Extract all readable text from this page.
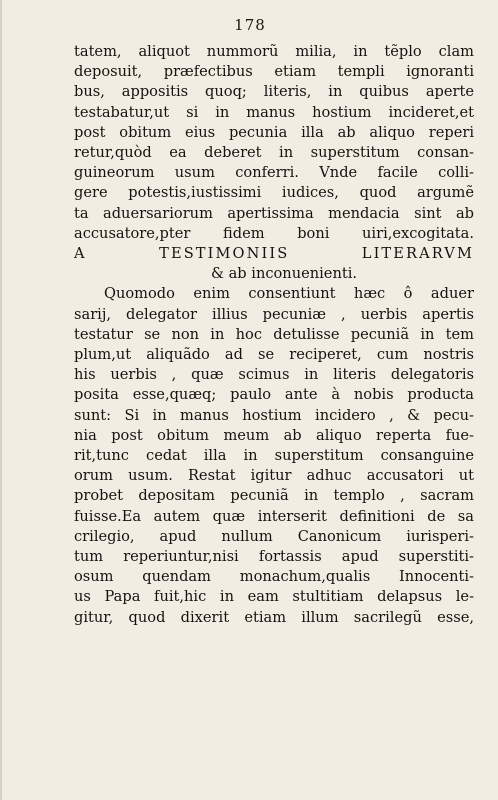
178
tatem, aliquot nummorũ milia, in tẽplo clam
deposuit, præfectibus etiam templi ignoranti
bus, appositis quoq; literis, in quibus aperte
testabatur,ut si in manus hostium incideret,et
post obitum eius pecunia illa ab aliquo reperi
retur,quòd ea deberet in superstitum consan-
guineorum usum conferri. Vnde facile colli-
gere potestis,iustissimi iudices, quod argumẽ
ta aduersariorum apertissima mendacia sint ab
accusatore,pter fidem boni uiri,excogitata.
A TESTIMONIIS LITERARVM
& ab inconuenienti.
Quomodo enim consentiunt hæc ô aduer
sarij, delegator illius pecuniæ , uerbis apertis
testatur se non in hoc detulisse pecuniã in tem
plum,ut aliquãdo ad se reciperet, cum nostris
his uerbis , quæ scimus in literis delegatoris
posita esse,quæq; paulo ante à nobis producta
sunt: Si in manus hostium incidero , & pecu-
nia post obitum meum ab aliquo reperta fue-
rit,tunc cedat illa in superstitum consanguine
orum usum. Restat igitur adhuc accusatori ut
probet depositam pecuniã in templo , sacram
fuisse.Ea autem quæ interserit definitioni de sa
crilegio, apud nullum Canonicum iurisperi-
tum reperiuntur,nisi fortassis apud superstiti-
osum quendam monachum,qualis Innocenti-
us Papa fuit,hic in eam stultitiam delapsus le-
gitur, quod dixerit etiam illum sacrilegũ esse,
